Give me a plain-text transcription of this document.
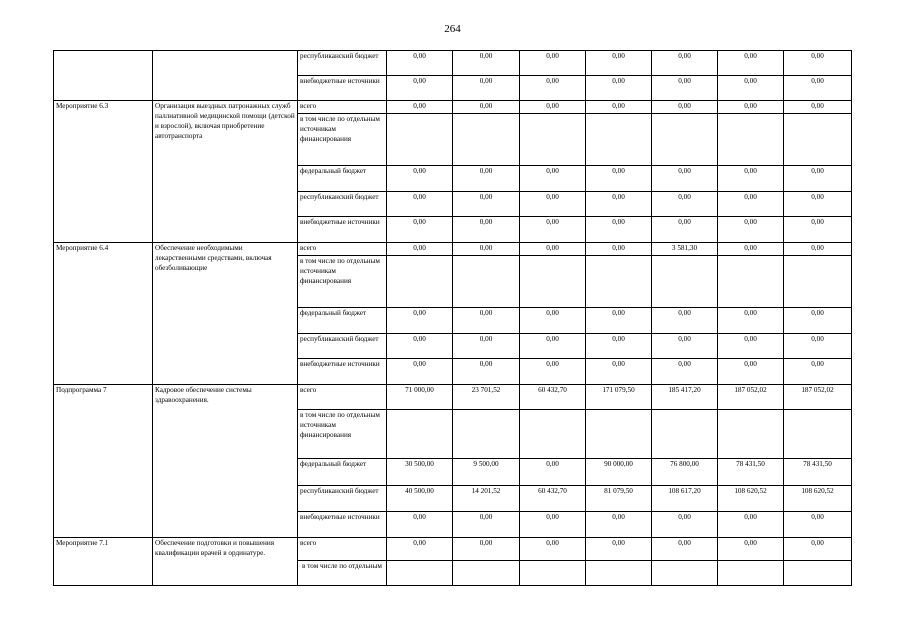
264
		республиканский бюджет	0,00	0,00	0,00	0,00	0,00	0,00	0,00
		внебюджетные источники	0,00	0,00	0,00	0,00	0,00	0,00	0,00
Мероприятие 6.3	Организация выездных патронажных служб паллиативной медицинской помощи (детской и взрослой), включая приобретение автотранспорта	всего	0,00	0,00	0,00	0,00	0,00	0,00	0,00
		в том числе по отдельным источникам финансирования							
		федеральный бюджет	0,00	0,00	0,00	0,00	0,00	0,00	0,00
		республиканский бюджет	0,00	0,00	0,00	0,00	0,00	0,00	0,00
		внебюджетные источники	0,00	0,00	0,00	0,00	0,00	0,00	0,00
Мероприятие 6.4	Обеспечение необходимыми лекарственными средствами, включая обезболивающие	всего	0,00	0,00	0,00	0,00	3 581,30	0,00	0,00
		в том числе по отдельным источникам финансирования							
		федеральный бюджет	0,00	0,00	0,00	0,00	0,00	0,00	0,00
		республиканский бюджет	0,00	0,00	0,00	0,00	0,00	0,00	0,00
		внебюджетные источники	0,00	0,00	0,00	0,00	0,00	0,00	0,00
Подпрограмма 7	Кадровое обеспечение системы здравоохранения.	всего	71 000,00	23 701,52	60 432,70	171 079,50	185 417,20	187 052,02	187 052,02
		в том числе по отдельным источникам финансирования							
		федеральный бюджет	30 500,00	9 500,00	0,00	90 000,00	76 800,00	78 431,50	78 431,50
		республиканский бюджет	40 500,00	14 201,52	60 432,70	81 079,50	108 617,20	108 620,52	108 620,52
		внебюджетные источники	0,00	0,00	0,00	0,00	0,00	0,00	0,00
Мероприятие 7.1	Обеспечение подготовки и повышения квалификации врачей в ординатуре.	всего	0,00	0,00	0,00	0,00	0,00	0,00	0,00
		в том числе по отдельным							
